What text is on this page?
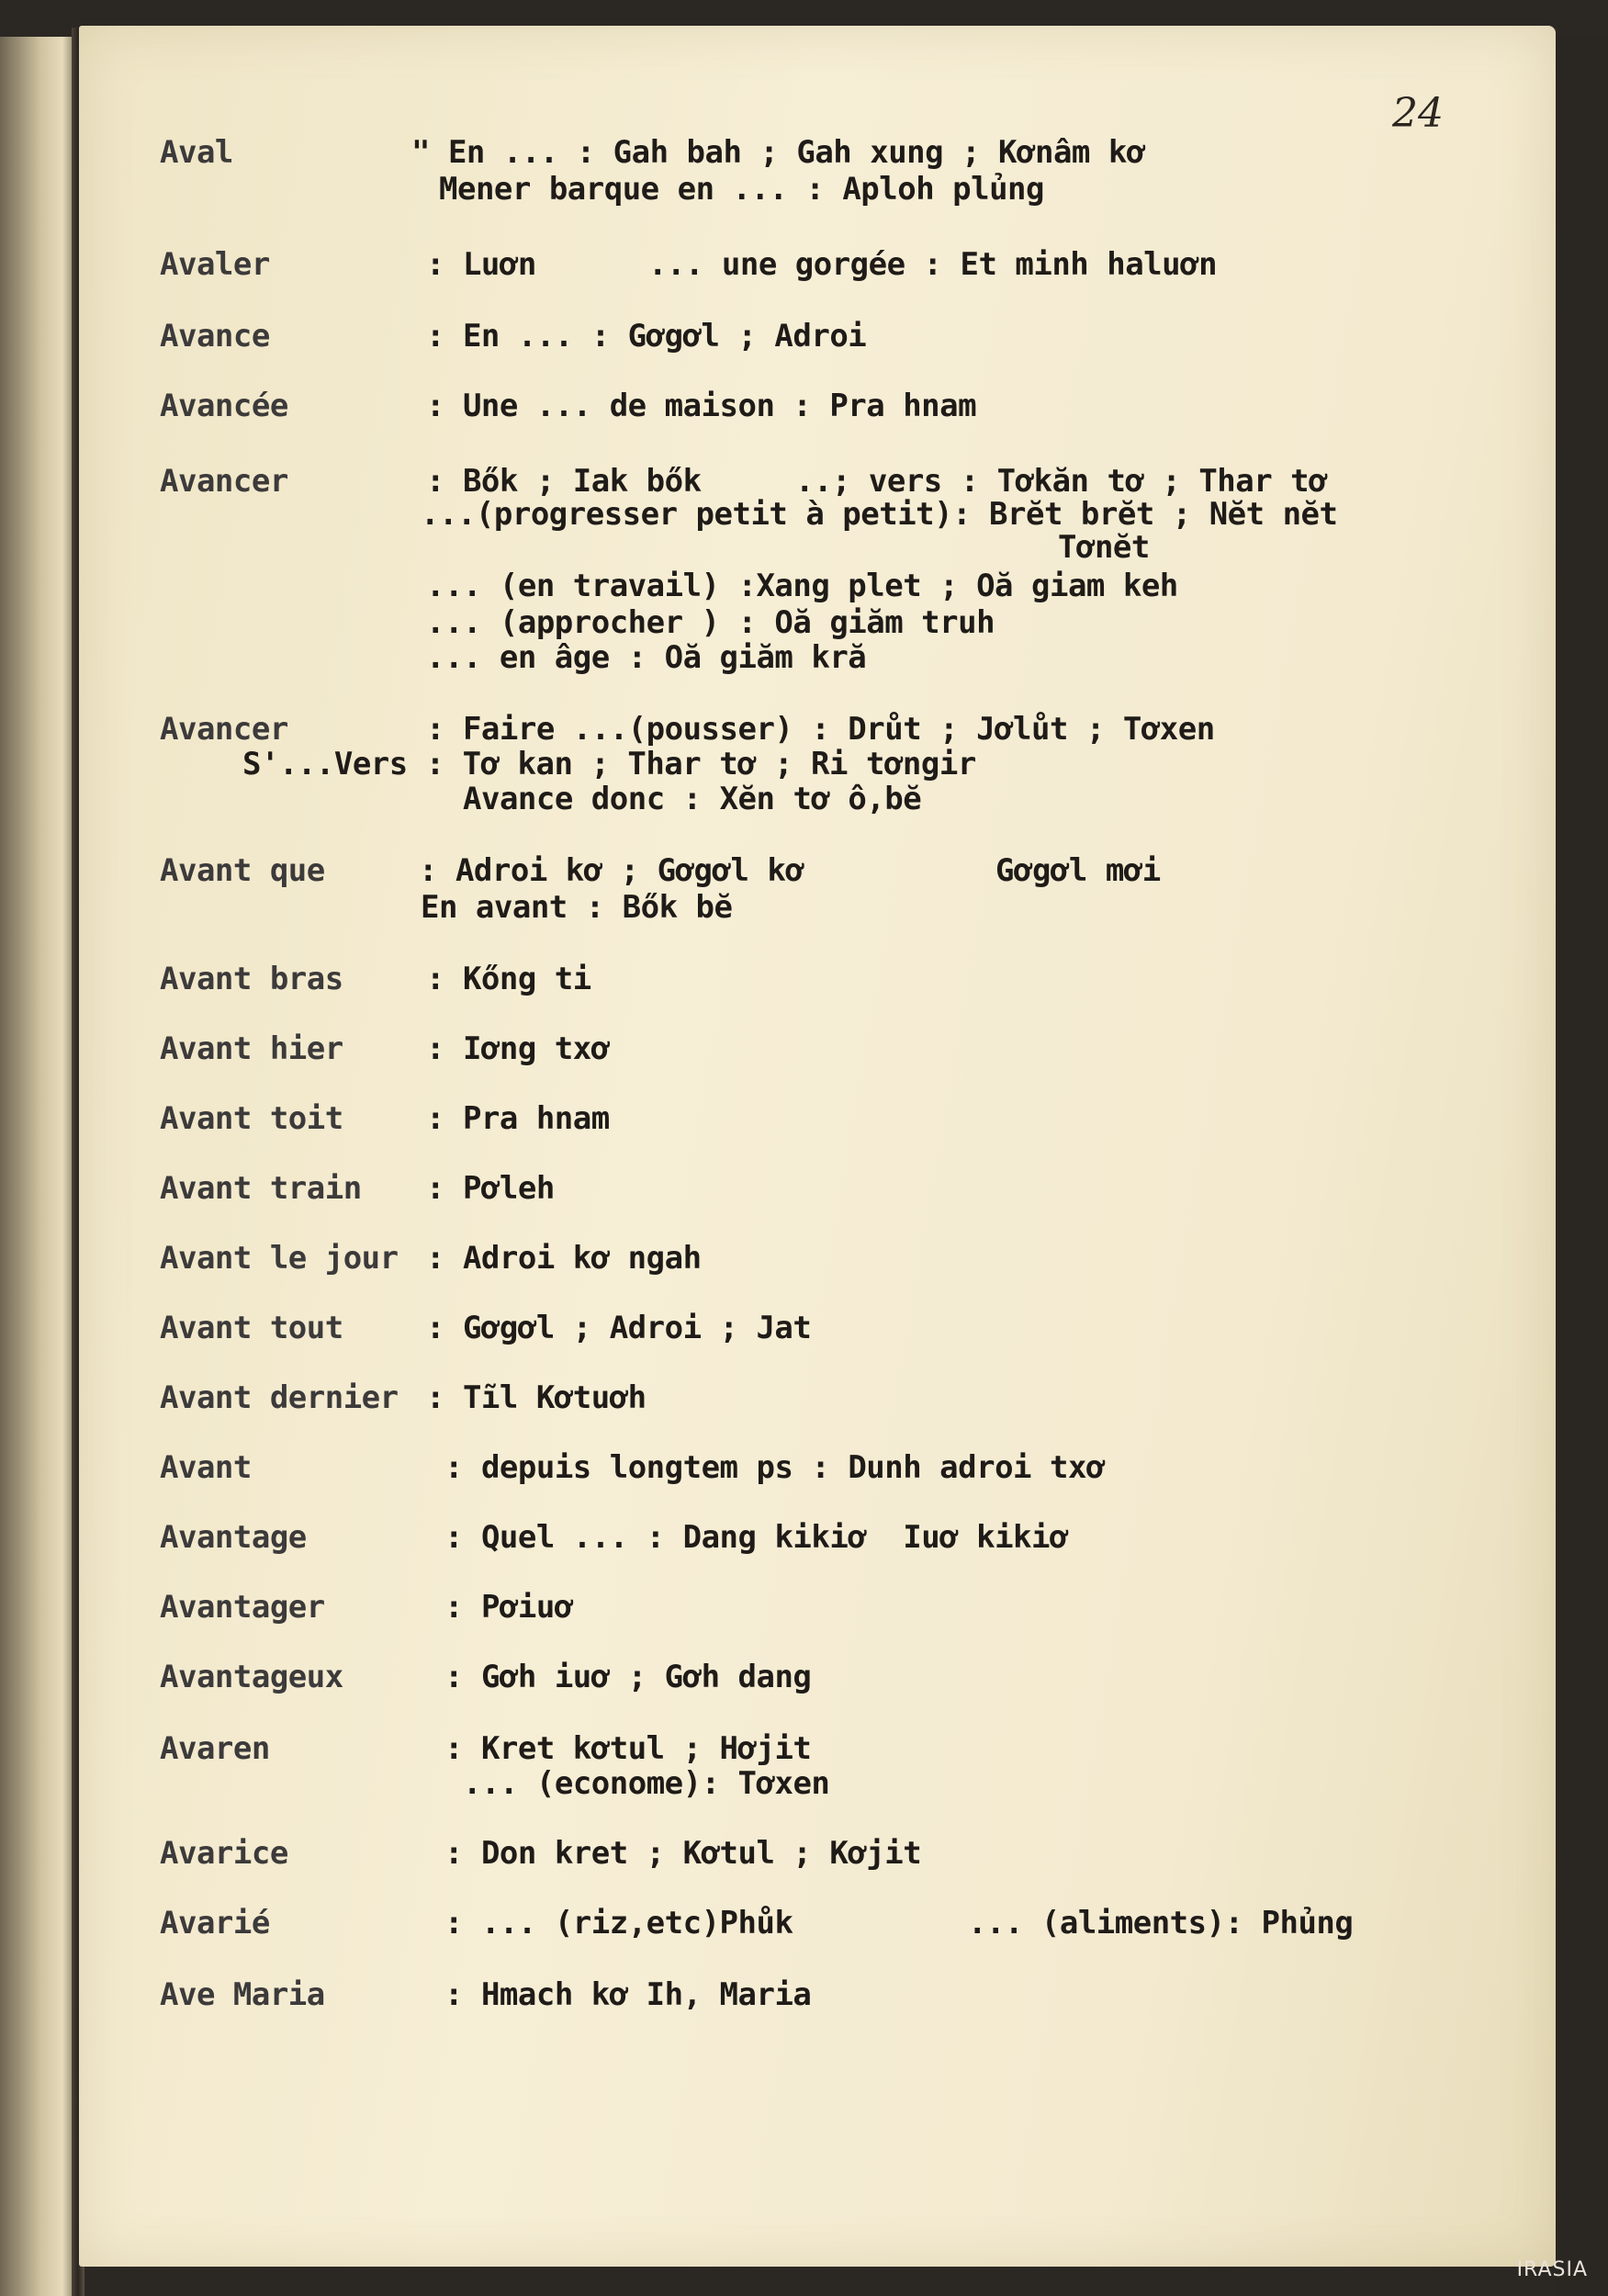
24
Aval	" En ... : Gah bah ; Gah xung ; Kơnâm kơ
Mener barque en ... : Aploh plủng
Avaler	: Luơn	... une gorgée : Et minh haluơn
Avance	: En ... : Gơgơl ; Adroi
Avancée	: Une ... de maison : Pra hnam
Avancer	: Bők ; Iak bők	..; vers : Tơkăn tơ ; Thar tơ
...(progresser petit à petit): Brĕt brĕt ; Nĕt nĕt
Tơnĕt
... (en travail) :Xang plet ; Oă giam keh
... (approcher ) : Oă giăm truh
... en âge : Oă giăm kră
Avancer	: Faire ...(pousser) : Drůt ; Jơlůt ; Tơxen
S'...Vers : Tơ kan ; Thar tơ ; Ri tơngir
Avance donc : Xĕn tơ ô,bĕ
Avant que	: Adroi kơ ; Gơgơl kơ	Gơgơl mơi
En avant : Bők bĕ
Avant bras	: Kőng ti
Avant hier	: Iơng txơ
Avant toit	: Pra hnam
Avant train : Pơleh
Avant le jour : Adroi kơ ngah
Avant tout	: Gơgơl ; Adroi ; Jat
Avant dernier : Tĩl Kơtuơh
Avant	: depuis longtem ps : Dunh adroi txơ
Avantage	: Quel ... : Dang kikiơ  Iuơ kikiơ
Avantager	: Pơiuơ
Avantageux	: Gơh iuơ ; Gơh dang
Avaren	: Kret kơtul ; Hơjit
... (econome): Tơxen
Avarice	: Don kret ; Kơtul ; Kơjit
Avarié	: ... (riz,etc)Phůk	... (aliments): Phủng
Ave Maria	: Hmach kơ Ih, Maria
IRASIA
